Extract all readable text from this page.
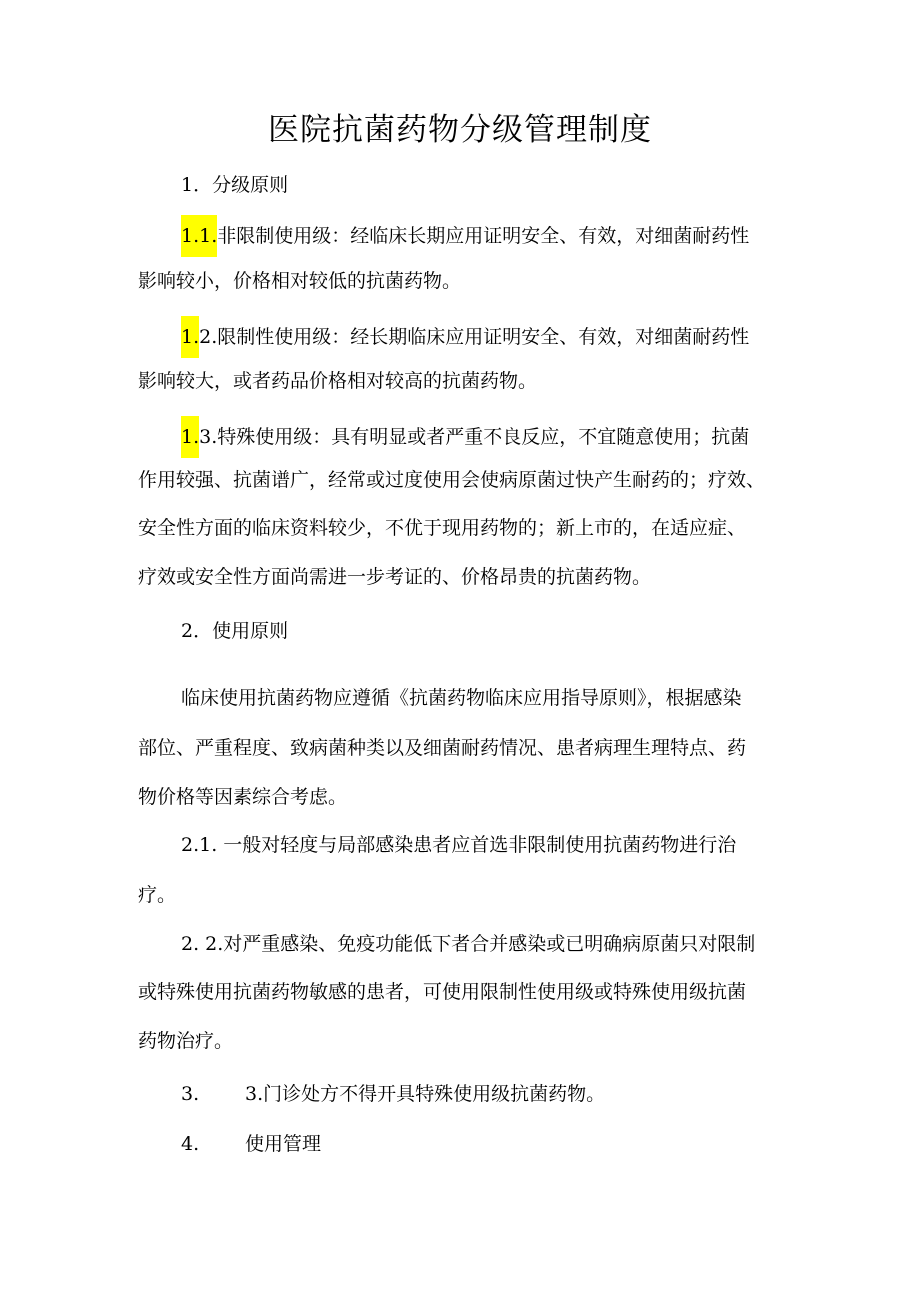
医院抗菌药物分级管理制度
1．分级原则
1.1.非限制使用级：经临床长期应用证明安全、有效，对细菌耐药性
影响较小，价格相对较低的抗菌药物。
1.2.限制性使用级：经长期临床应用证明安全、有效，对细菌耐药性
影响较大，或者药品价格相对较高的抗菌药物。
1.3.特殊使用级：具有明显或者严重不良反应，不宜随意使用；抗菌
作用较强、抗菌谱广，经常或过度使用会使病原菌过快产生耐药的；疗效、
安全性方面的临床资料较少，不优于现用药物的；新上市的，在适应症、
疗效或安全性方面尚需进一步考证的、价格昂贵的抗菌药物。
2．使用原则
临床使用抗菌药物应遵循《抗菌药物临床应用指导原则》，根据感染
部位、严重程度、致病菌种类以及细菌耐药情况、患者病理生理特点、药
物价格等因素综合考虑。
2.1. 一般对轻度与局部感染患者应首选非限制使用抗菌药物进行治
疗。
2. 2.对严重感染、免疫功能低下者合并感染或已明确病原菌只对限制
或特殊使用抗菌药物敏感的患者，可使用限制性使用级或特殊使用级抗菌
药物治疗。
3. 3.门诊处方不得开具特殊使用级抗菌药物。
4. 使用管理
